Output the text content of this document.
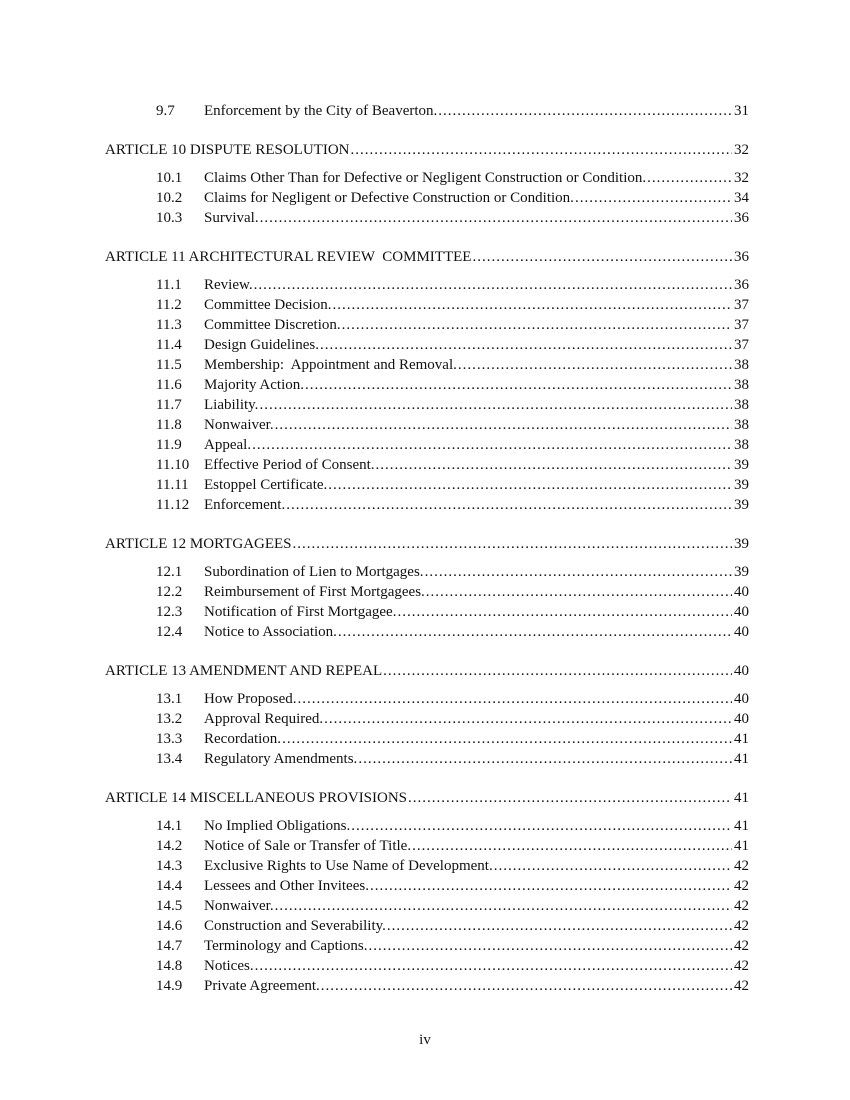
9.7	Enforcement by the City of Beaverton. .....	31
ARTICLE 10 DISPUTE RESOLUTION .....	32
10.1	Claims Other Than for Defective or Negligent Construction or Condition. .....	32
10.2	Claims for Negligent or Defective Construction or Condition. .....	34
10.3	Survival. .....	36
ARTICLE 11 ARCHITECTURAL REVIEW  COMMITTEE .....	36
11.1	Review. .....	36
11.2	Committee Decision. .....	37
11.3	Committee Discretion. .....	37
11.4	Design Guidelines. .....	37
11.5	Membership:  Appointment and Removal. .....	38
11.6	Majority Action. .....	38
11.7	Liability. .....	38
11.8	Nonwaiver. .....	38
11.9	Appeal. .....	38
11.10 Effective Period of Consent. .....	39
11.11	Estoppel Certificate. .....	39
11.12 Enforcement. .....	39
ARTICLE 12 MORTGAGEES .....	39
12.1	Subordination of Lien to Mortgages. .....	39
12.2	Reimbursement of First Mortgagees. .....	40
12.3	Notification of First Mortgagee. .....	40
12.4	Notice to Association. .....	40
ARTICLE 13 AMENDMENT AND REPEAL .....	40
13.1	How Proposed. .....	40
13.2	Approval Required. .....	40
13.3	Recordation. .....	41
13.4	Regulatory Amendments. .....	41
ARTICLE 14 MISCELLANEOUS PROVISIONS .....	41
14.1	No Implied Obligations. .....	41
14.2	Notice of Sale or Transfer of Title. .....	41
14.3	Exclusive Rights to Use Name of Development. .....	42
14.4	Lessees and Other Invitees. .....	42
14.5	Nonwaiver. .....	42
14.6	Construction and Severability. .....	42
14.7	Terminology and Captions. .....	42
14.8	Notices. .....	42
14.9	Private Agreement. .....	42
iv
